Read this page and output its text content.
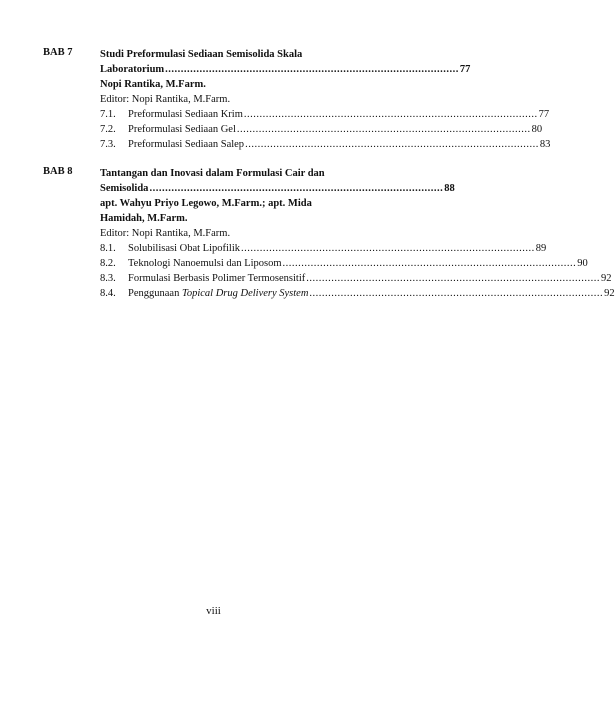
BAB 7	Studi Preformulasi Sediaan Semisolida Skala
Laboratorium .............................................................................................. 77
Nopi Rantika, M.Farm.
Editor: Nopi Rantika, M.Farm.
7.1. Preformulasi Sediaan Krim .............................................................................................. 77
7.2. Preformulasi Sediaan Gel .............................................................................................. 80
7.3. Preformulasi Sediaan Salep .............................................................................................. 83
BAB 8	Tantangan dan Inovasi dalam Formulasi Cair dan
Semisolida .............................................................................................. 88
apt. Wahyu Priyo Legowo, M.Farm.; apt. Mida
Hamidah, M.Farm.
Editor: Nopi Rantika, M.Farm.
8.1. Solubilisasi Obat Lipofilik .............................................................................................. 89
8.2. Teknologi Nanoemulsi dan Liposom .............................................................................................. 90
8.3. Formulasi Berbasis Polimer Termosensitif .............................................................................................. 92
8.4. Penggunaan Topical Drug Delivery System .............................................................................................. 92
viii
